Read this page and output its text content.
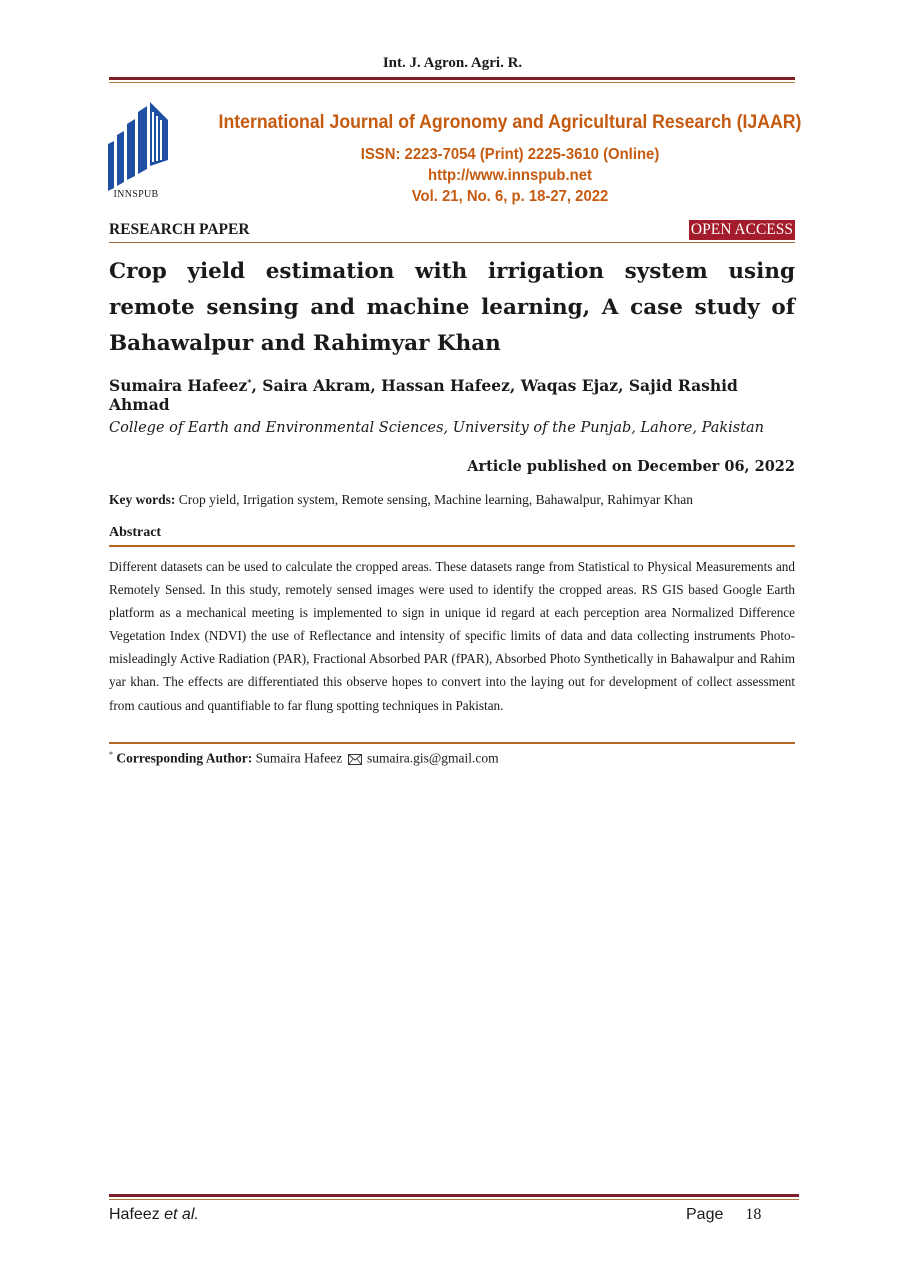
Int. J. Agron. Agri. R.
INNSPUB
International Journal of Agronomy and Agricultural Research (IJAAR)
ISSN: 2223-7054 (Print) 2225-3610 (Online)
http://www.innspub.net
Vol. 21, No. 6, p. 18-27, 2022
RESEARCH PAPER	OPEN ACCESS
Crop yield estimation with irrigation system using remote sensing and machine learning, A case study of Bahawalpur and Rahimyar Khan
Sumaira Hafeez*, Saira Akram, Hassan Hafeez, Waqas Ejaz, Sajid Rashid Ahmad
College of Earth and Environmental Sciences, University of the Punjab, Lahore, Pakistan
Article published on December 06, 2022
Key words: Crop yield, Irrigation system, Remote sensing, Machine learning, Bahawalpur, Rahimyar Khan
Abstract
Different datasets can be used to calculate the cropped areas. These datasets range from Statistical to Physical Measurements and Remotely Sensed. In this study, remotely sensed images were used to identify the cropped areas. RS GIS based Google Earth platform as a mechanical meeting is implemented to sign in unique id regard at each perception area Normalized Difference Vegetation Index (NDVI) the use of Reflectance and intensity of specific limits of data and data collecting instruments Photo-misleadingly Active Radiation (PAR), Fractional Absorbed PAR (fPAR), Absorbed Photo Synthetically in Bahawalpur and Rahim yar khan. The effects are differentiated this observe hopes to convert into the laying out for development of collect assessment from cautious and quantifiable to far flung spotting techniques in Pakistan.
* Corresponding Author: Sumaira Hafeez  sumaira.gis@gmail.com
Hafeez et al.	Page 18
